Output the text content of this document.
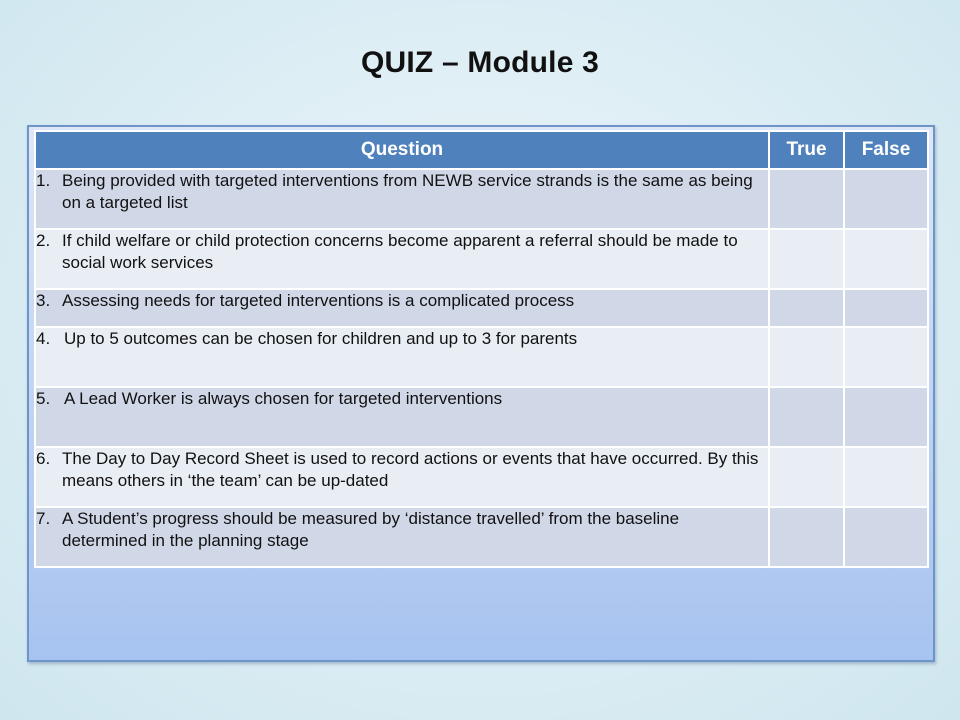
QUIZ – Module 3
Question	True	False

1. Being provided with targeted interventions from NEWB service strands is the same as being on a targeted list		

2. If child welfare or child protection concerns become apparent a referral should be made to social work services		

3. Assessing needs for targeted interventions is a complicated process		

4. Up to 5 outcomes can be chosen for children and up to 3 for parents		

5. A Lead Worker is always chosen for targeted interventions		

6. The Day to Day Record Sheet is used to record actions or events that have occurred. By this means others in ‘the team’ can be up-dated		

7. A Student’s progress should be measured by ‘distance travelled’ from the baseline determined in the planning stage		
